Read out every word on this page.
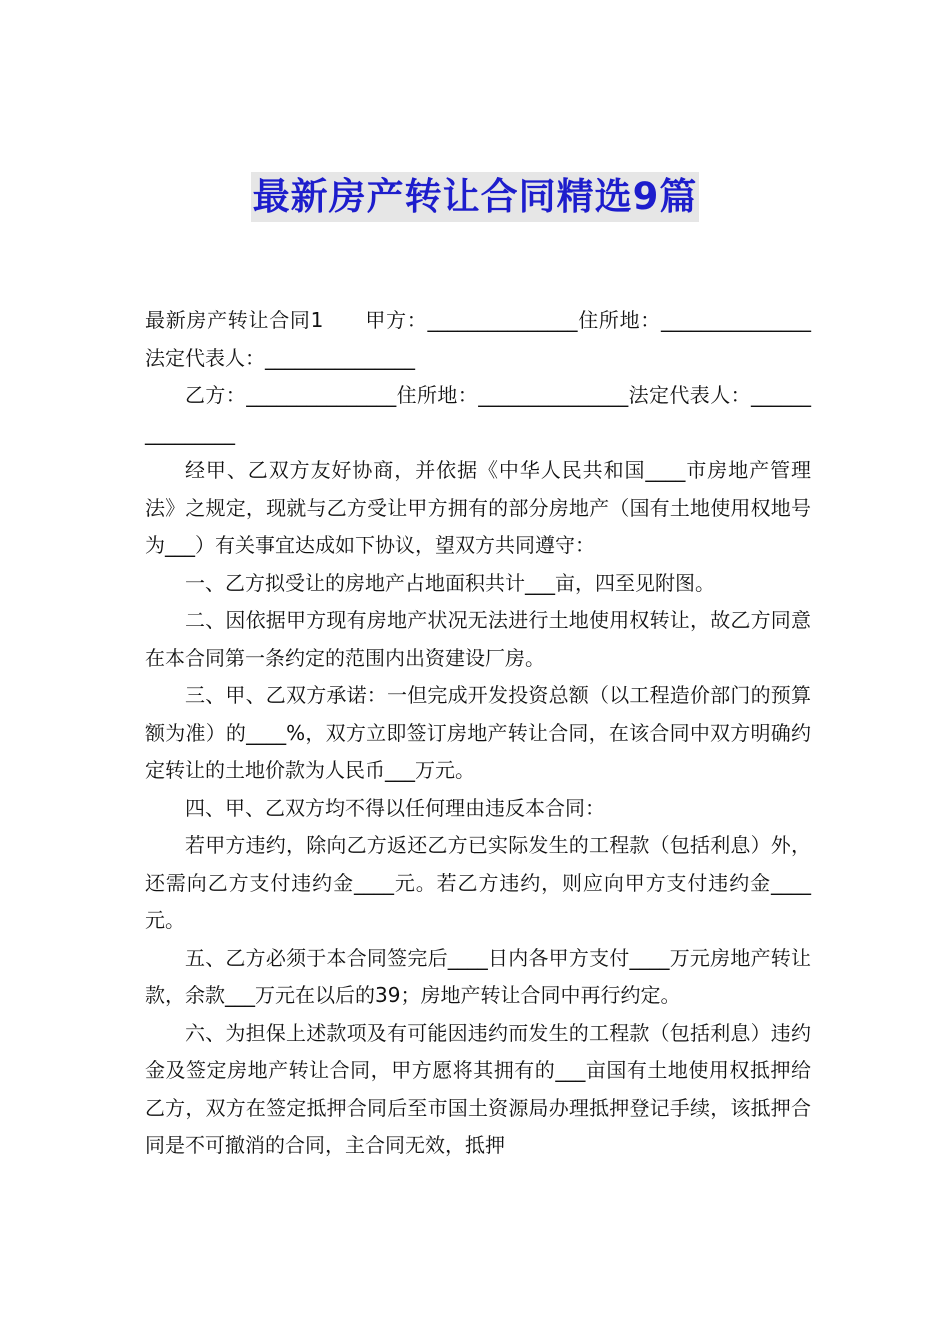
最新房产转让合同精选9篇

最新房产转让合同1　　甲方：_______________住所地：_______________法定代表人：_______________

乙方：_______________住所地：_______________法定代表人：_______________

经甲、乙双方友好协商，并依据《中华人民共和国____市房地产管理法》之规定，现就与乙方受让甲方拥有的部分房地产（国有土地使用权地号为___）有关事宜达成如下协议，望双方共同遵守：

一、乙方拟受让的房地产占地面积共计___亩，四至见附图。

二、因依据甲方现有房地产状况无法进行土地使用权转让，故乙方同意在本合同第一条约定的范围内出资建设厂房。

三、甲、乙双方承诺：一但完成开发投资总额（以工程造价部门的预算额为准）的____%，双方立即签订房地产转让合同，在该合同中双方明确约定转让的土地价款为人民币___万元。

四、甲、乙双方均不得以任何理由违反本合同：

若甲方违约，除向乙方返还乙方已实际发生的工程款（包括利息）外，还需向乙方支付违约金____元。若乙方违约，则应向甲方支付违约金____元。

五、乙方必须于本合同签完后____日内各甲方支付____万元房地产转让款，余款___万元在以后的39；房地产转让合同中再行约定。

六、为担保上述款项及有可能因违约而发生的工程款（包括利息）违约金及签定房地产转让合同，甲方愿将其拥有的___亩国有土地使用权抵押给乙方，双方在签定抵押合同后至市国土资源局办理抵押登记手续，该抵押合同是不可撤消的合同，主合同无效，抵押
